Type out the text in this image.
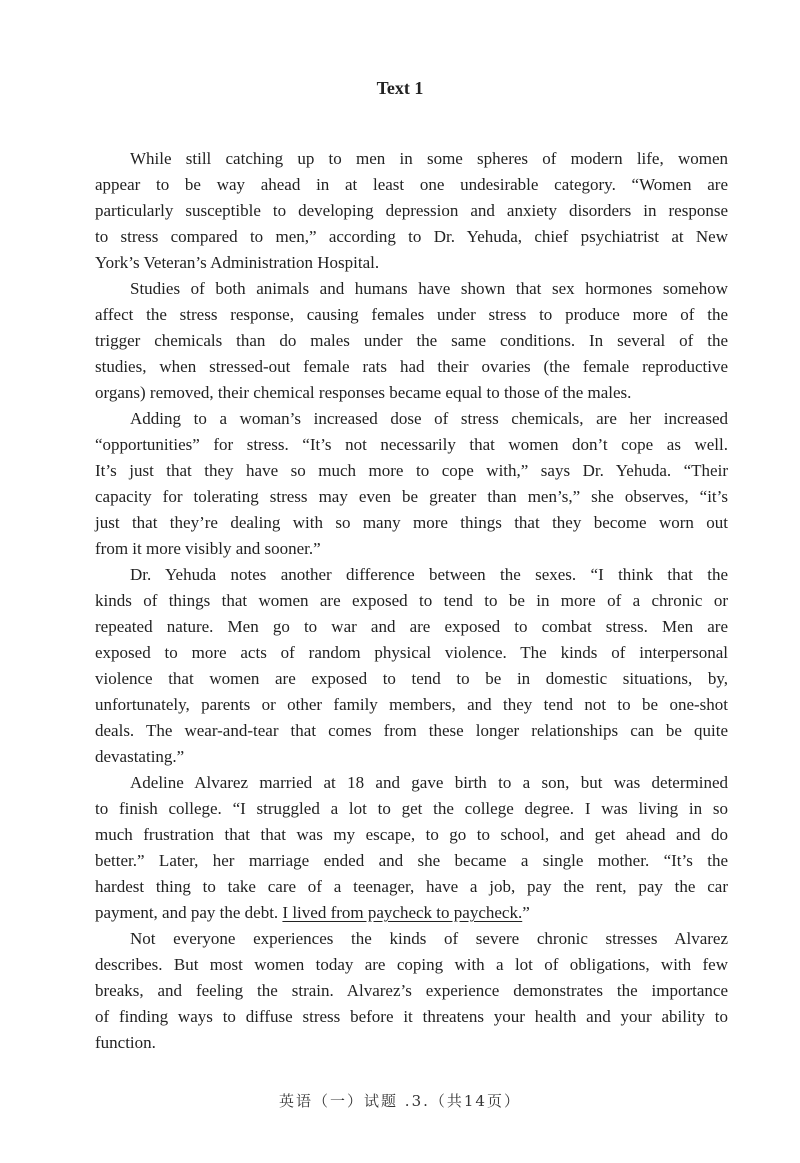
Text 1
While still catching up to men in some spheres of modern life, women
appear to be way ahead in at least one undesirable category. “Women are
particularly susceptible to developing depression and anxiety disorders in response
to stress compared to men,” according to Dr. Yehuda, chief psychiatrist at New
York’s Veteran’s Administration Hospital.
Studies of both animals and humans have shown that sex hormones somehow
affect the stress response, causing females under stress to produce more of the
trigger chemicals than do males under the same conditions. In several of the
studies, when stressed-out female rats had their ovaries (the female reproductive
organs) removed, their chemical responses became equal to those of the males.
Adding to a woman’s increased dose of stress chemicals, are her increased
“opportunities” for stress. “It’s not necessarily that women don’t cope as well.
It’s just that they have so much more to cope with,” says Dr. Yehuda. “Their
capacity for tolerating stress may even be greater than men’s,” she observes, “it’s
just that they’re dealing with so many more things that they become worn out
from it more visibly and sooner.”
Dr. Yehuda notes another difference between the sexes. “I think that the
kinds of things that women are exposed to tend to be in more of a chronic or
repeated nature. Men go to war and are exposed to combat stress. Men are
exposed to more acts of random physical violence. The kinds of interpersonal
violence that women are exposed to tend to be in domestic situations, by,
unfortunately, parents or other family members, and they tend not to be one-shot
deals. The wear-and-tear that comes from these longer relationships can be quite
devastating.”
Adeline Alvarez married at 18 and gave birth to a son, but was determined
to finish college. “I struggled a lot to get the college degree. I was living in so
much frustration that that was my escape, to go to school, and get ahead and do
better.” Later, her marriage ended and she became a single mother. “It’s the
hardest thing to take care of a teenager, have a job, pay the rent, pay the car
payment, and pay the debt. I lived from paycheck to paycheck.”
Not everyone experiences the kinds of severe chronic stresses Alvarez
describes. But most women today are coping with a lot of obligations, with few
breaks, and feeling the strain. Alvarez’s experience demonstrates the importance
of finding ways to diffuse stress before it threatens your health and your ability to
function.
英语（一）试题 .3.（共14页）
